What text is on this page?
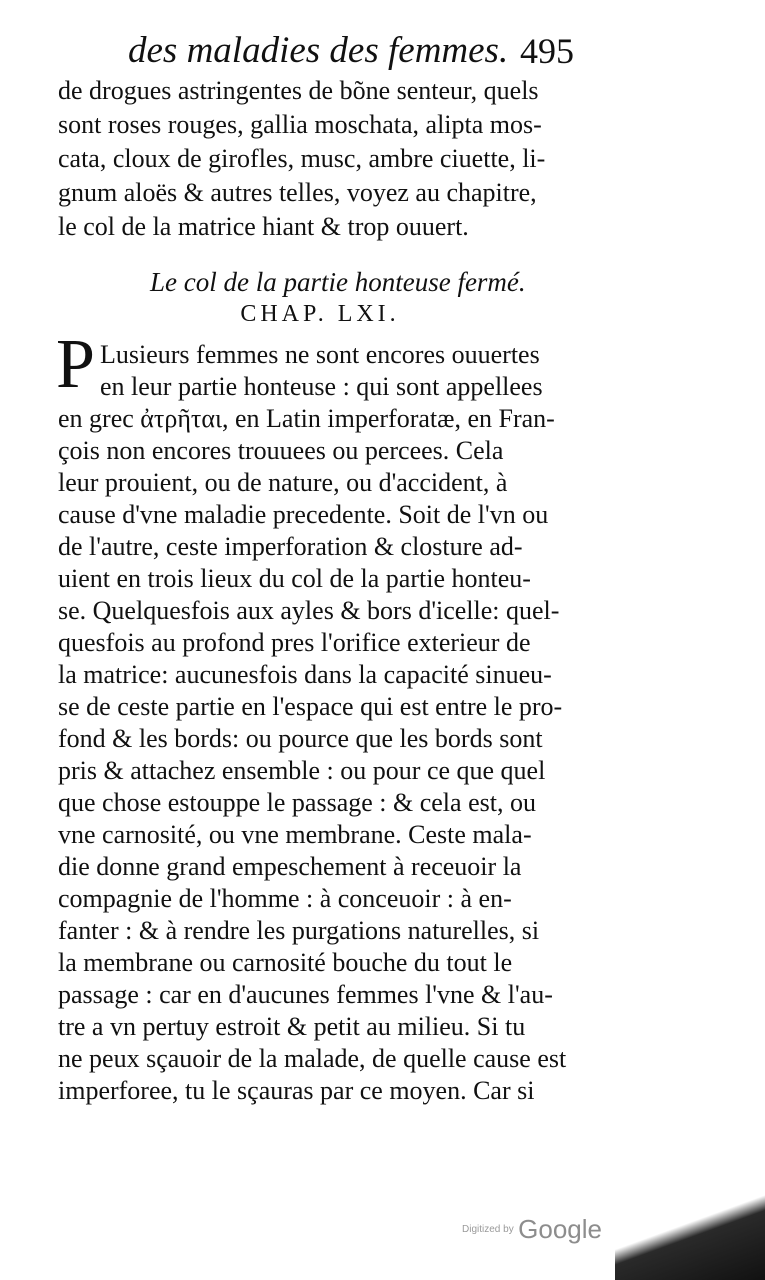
des maladies des femmes. 495
de drogues astringentes de bõne senteur, quels
sont roses rouges, gallia moschata, alipta mos-
cata, cloux de girofles, musc, ambre ciuette, li-
gnum aloës & autres telles, voyez au chapitre,
le col de la matrice hiant & trop ouuert.
Le col de la partie honteuse fermé.
CHAP. LXI.
P Lusieurs femmes ne sont encores ouuertes
en leur partie honteuse : qui sont appellees
en grec ἀτρῆται, en Latin imperforatæ, en Fran-
çois non encores trouuees ou percees. Cela
leur prouient, ou de nature, ou d'accident, à
cause d'vne maladie precedente. Soit de l'vn ou
de l'autre, ceste imperforation & closture ad-
uient en trois lieux du col de la partie honteu-
se. Quelquesfois aux ayles & bors d'icelle: quel-
quesfois au profond pres l'orifice exterieur de
la matrice: aucunesfois dans la capacité sinueu-
se de ceste partie en l'espace qui est entre le pro-
fond & les bords: ou pource que les bords sont
pris & attachez ensemble : ou pour ce que quel
que chose estouppe le passage : & cela est, ou
vne carnosité, ou vne membrane. Ceste mala-
die donne grand empeschement à receuoir la
compagnie de l'homme : à conceuoir : à en-
fanter : & à rendre les purgations naturelles, si
la membrane ou carnosité bouche du tout le
passage : car en d'aucunes femmes l'vne & l'au-
tre a vn pertuy estroit & petit au milieu. Si tu
ne peux sçauoir de la malade, de quelle cause est
imperforee, tu le sçauras par ce moyen. Car si
Digitized by Google
